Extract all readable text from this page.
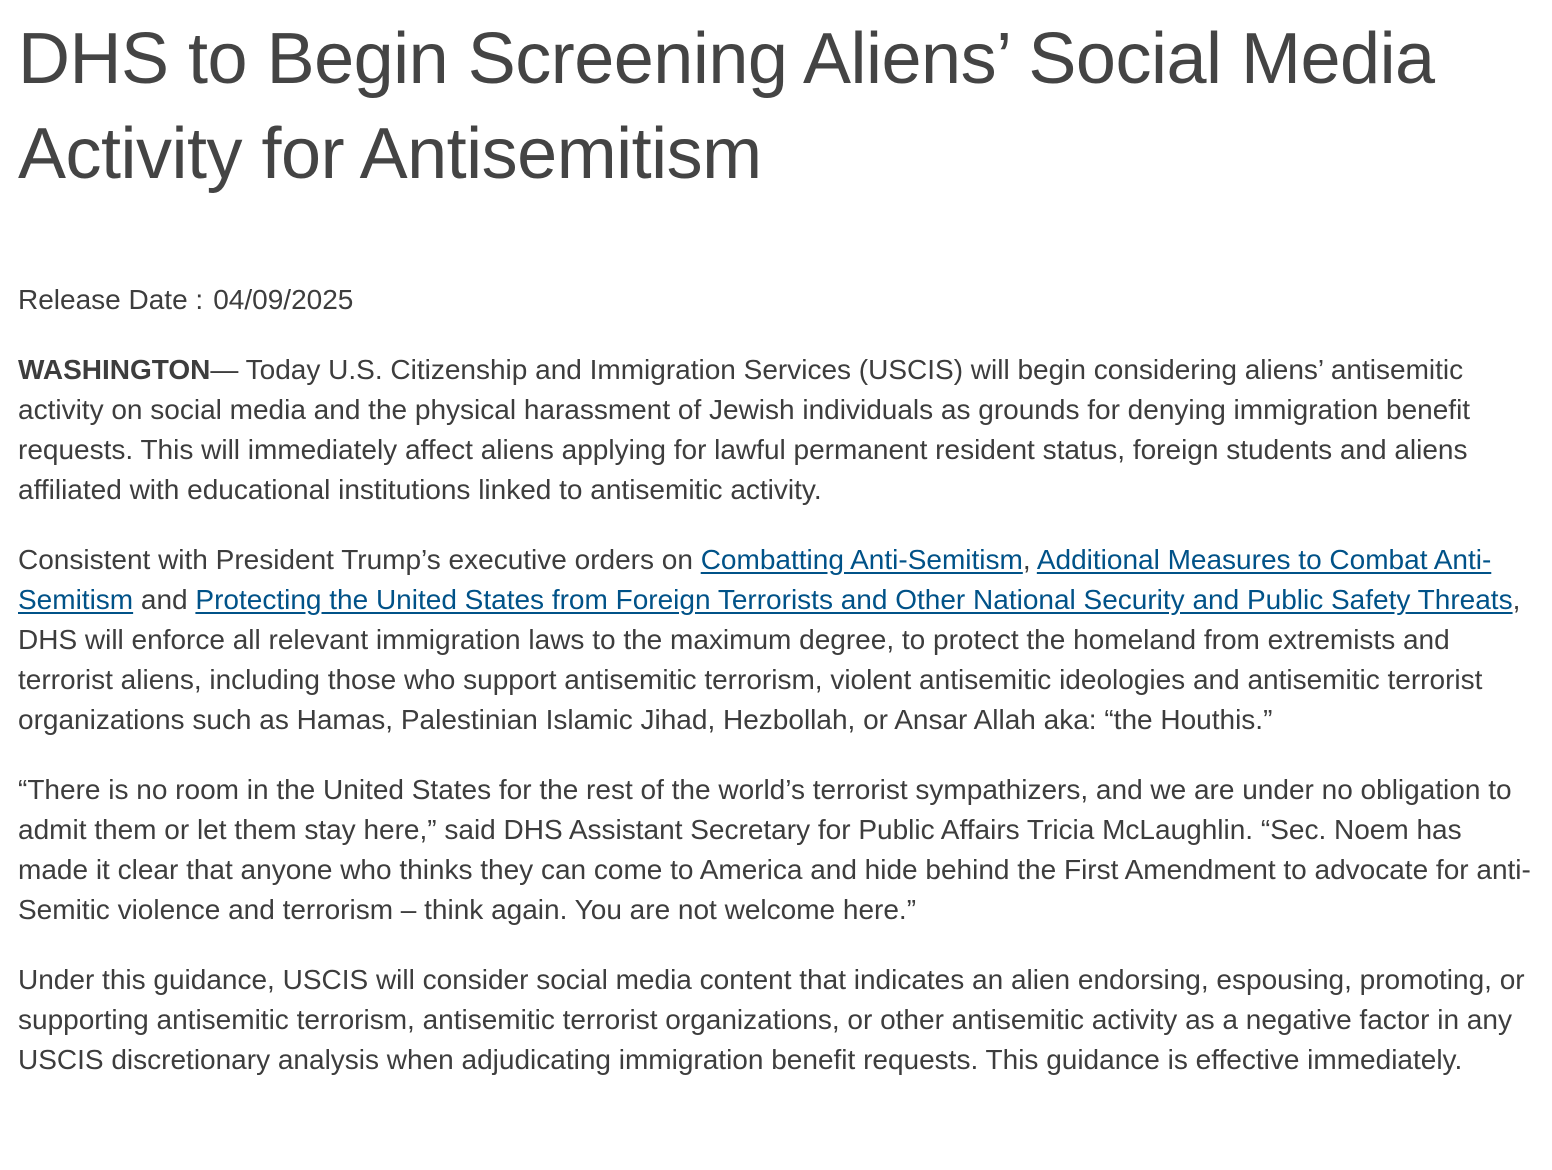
DHS to Begin Screening Aliens’ Social Media Activity for Antisemitism
Release Date : 04/09/2025

WASHINGTON— Today U.S. Citizenship and Immigration Services (USCIS) will begin considering aliens’ antisemitic activity on social media and the physical harassment of Jewish individuals as grounds for denying immigration benefit requests. This will immediately affect aliens applying for lawful permanent resident status, foreign students and aliens affiliated with educational institutions linked to antisemitic activity.

Consistent with President Trump’s executive orders on Combatting Anti-Semitism, Additional Measures to Combat Anti-Semitism and Protecting the United States from Foreign Terrorists and Other National Security and Public Safety Threats, DHS will enforce all relevant immigration laws to the maximum degree, to protect the homeland from extremists and terrorist aliens, including those who support antisemitic terrorism, violent antisemitic ideologies and antisemitic terrorist organizations such as Hamas, Palestinian Islamic Jihad, Hezbollah, or Ansar Allah aka: “the Houthis.”

“There is no room in the United States for the rest of the world’s terrorist sympathizers, and we are under no obligation to admit them or let them stay here,” said DHS Assistant Secretary for Public Affairs Tricia McLaughlin. “Sec. Noem has made it clear that anyone who thinks they can come to America and hide behind the First Amendment to advocate for anti-Semitic violence and terrorism – think again. You are not welcome here.”

Under this guidance, USCIS will consider social media content that indicates an alien endorsing, espousing, promoting, or supporting antisemitic terrorism, antisemitic terrorist organizations, or other antisemitic activity as a negative factor in any USCIS discretionary analysis when adjudicating immigration benefit requests. This guidance is effective immediately.
